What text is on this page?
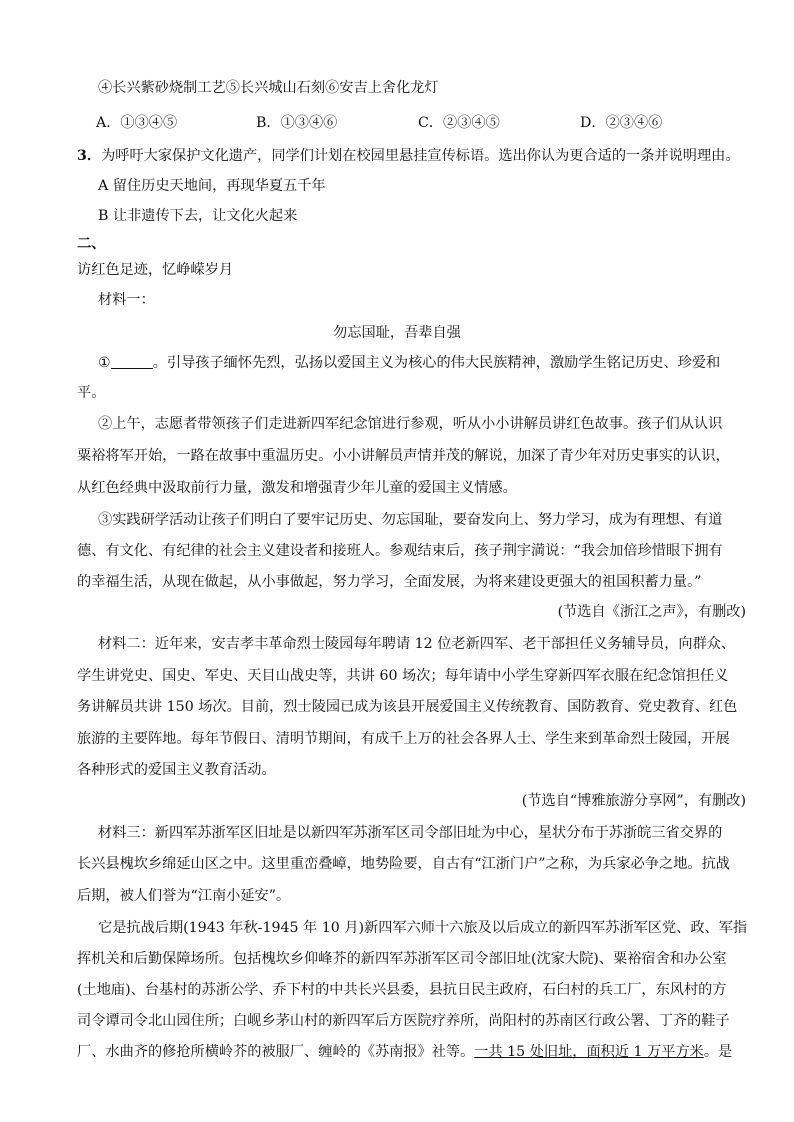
④长兴紫砂烧制工艺⑤长兴城山石刻⑥安吉上舍化龙灯
A．①③④⑤	B．①③④⑥	C．②③④⑤	D．②③④⑥
3．为呼吁大家保护文化遗产，同学们计划在校园里悬挂宣传标语。选出你认为更合适的一条并说明理由。
A 留住历史天地间，再现华夏五千年
B 让非遗传下去，让文化火起来
二、
访红色足迹，忆峥嵘岁月
材料一：
勿忘国耻，吾辈自强
①	。引导孩子缅怀先烈，弘扬以爱国主义为核心的伟大民族精神，激励学生铭记历史、珍爱和
平。
②上午，志愿者带领孩子们走进新四军纪念馆进行参观，听从小小讲解员讲红色故事。孩子们从认识
粟裕将军开始，一路在故事中重温历史。小小讲解员声情并茂的解说，加深了青少年对历史事实的认识，
从红色经典中汲取前行力量，激发和增强青少年儿童的爱国主义情感。
③实践研学活动让孩子们明白了要牢记历史、勿忘国耻，要奋发向上、努力学习，成为有理想、有道
德、有文化、有纪律的社会主义建设者和接班人。参观结束后，孩子荆宇満说：“我会加倍珍惜眼下拥有
的幸福生活，从现在做起，从小事做起，努力学习，全面发展，为将来建设更强大的祖国积蓄力量。”
(节选自《浙江之声》，有删改)
材料二：近年来，安吉孝丰革命烈士陵园每年聘请 12 位老新四军、老干部担任义务辅导员，向群众、
学生讲党史、国史、军史、天目山战史等，共讲 60 场次；每年请中小学生穿新四军衣服在纪念馆担任义
务讲解员共讲 150 场次。目前，烈士陵园已成为该县开展爱国主义传统教育、国防教育、党史教育、红色
旅游的主要阵地。每年节假日、清明节期间，有成千上万的社会各界人士、学生来到革命烈士陵园，开展
各种形式的爱国主义教育活动。
(节选自“博雅旅游分享网”，有删改)
材料三：新四军苏浙军区旧址是以新四军苏浙军区司令部旧址为中心，星状分布于苏浙皖三省交界的
长兴县槐坎乡绵延山区之中。这里重峦叠嶂，地势险要，自古有“江浙门户”之称，为兵家必争之地。抗战
后期，被人们誉为“江南小延安”。
它是抗战后期(1943 年秋-1945 年 10 月)新四军六师十六旅及以后成立的新四军苏浙军区党、政、军指
挥机关和后勤保障场所。包括槐坎乡仰峰芥的新四军苏浙军区司令部旧址(沈家大院)、粟裕宿舍和办公室
(土地庙)、台基村的苏浙公学、乔下村的中共长兴县委，县抗日民主政府，石臼村的兵工厂，东风村的方
司令谭司令北山园住所；白岘乡茅山村的新四军后方医院疗养所，尚阳村的苏南区行政公署、丁齐的鞋子
厂、水曲齐的修抢所横岭芥的被服厂、缠岭的《苏南报》社等。一共 15 处旧址，面积近 1 万平方米。是
